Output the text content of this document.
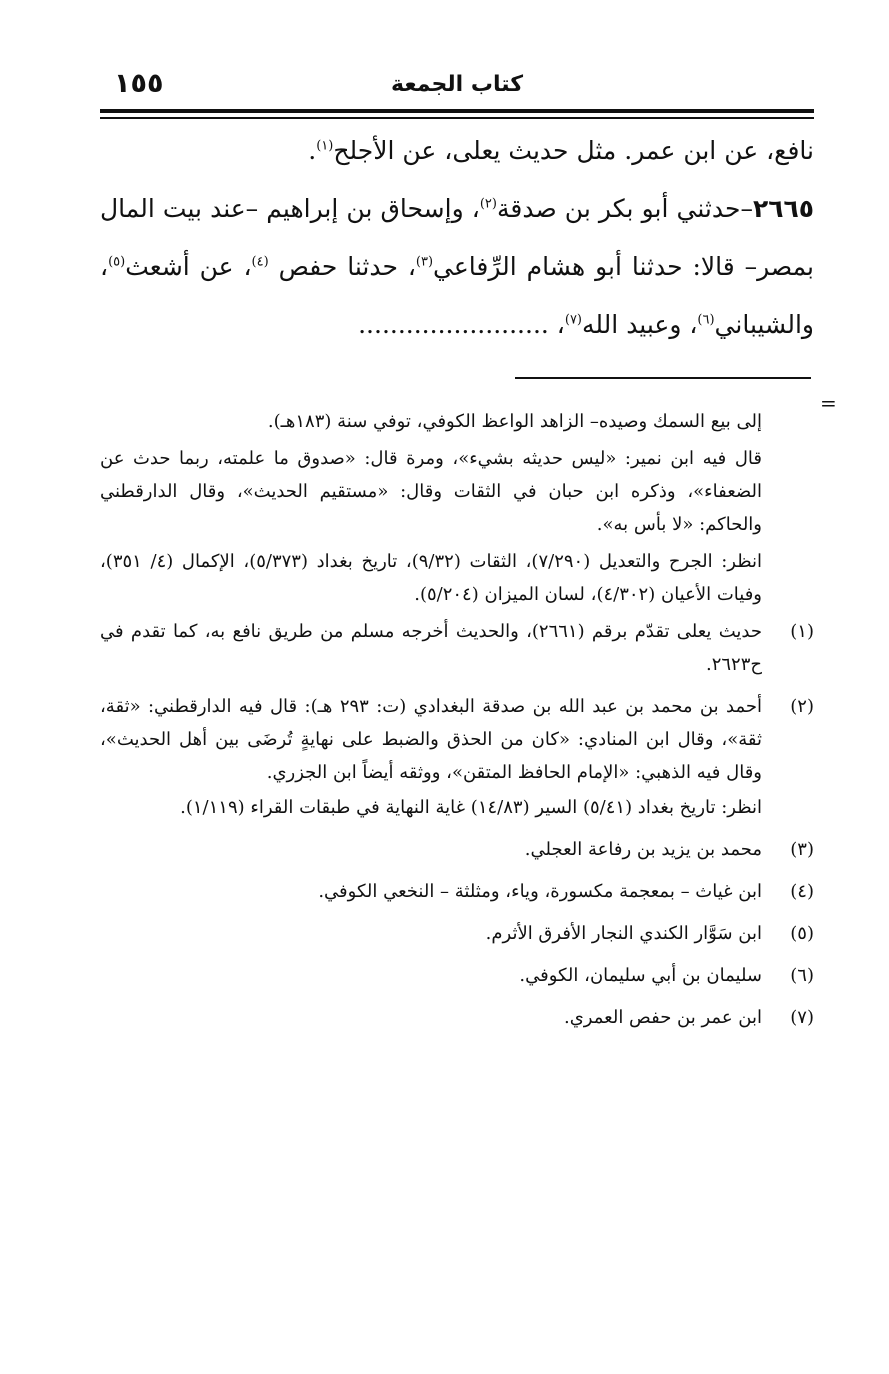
١٥٥	كتاب الجمعة

نافع، عن ابن عمر. مثل حديث يعلى، عن الأجلح$^{(١)}$.

٢٦٦٥–حدثني أبو بكر بن صدقة$^{(٢)}$، وإسحاق بن إبراهيم –عند بيت المال بمصر– قالا: حدثنا أبو هشام الرِّفاعي$^{(٣)}$، حدثنا حفص $^{(٤)}$، عن أشعث$^{(٥)}$، والشيباني$^{(٦)}$، وعبيد الله$^{(٧)}$، ........................

=

إلى بيع السمك وصيده– الزاهد الواعظ الكوفي، توفي سنة (١٨٣هـ).

قال فيه ابن نمير: «ليس حديثه بشيء»، ومرة قال: «صدوق ما علمته، ربما حدث عن الضعفاء»، وذكره ابن حبان في الثقات وقال: «مستقيم الحديث»، وقال الدارقطني والحاكم: «لا بأس به».

انظر: الجرح والتعديل (٧/٢٩٠)، الثقات (٩/٣٢)، تاريخ بغداد (٥/٣٧٣)، الإكمال (٤/ ٣٥١)، وفيات الأعيان (٤/٣٠٢)، لسان الميزان (٥/٢٠٤).

(١)

حديث يعلى تقدّم برقم (٢٦٦١)، والحديث أخرجه مسلم من طريق نافع به، كما تقدم في ح٢٦٢٣.

(٢)

أحمد بن محمد بن عبد الله بن صدقة البغدادي (ت: ٢٩٣ هـ): قال فيه الدارقطني: «ثقة، ثقة»، وقال ابن المنادي: «كان من الحذق والضبط على نهايةٍ تُرضَى بين أهل الحديث»، وقال فيه الذهبي: «الإمام الحافظ المتقن»، ووثقه أيضاً ابن الجزري.

انظر: تاريخ بغداد (٥/٤١) السير (١٤/٨٣) غاية النهاية في طبقات القراء (١/١١٩).

(٣)

محمد بن يزيد بن رفاعة العجلي.

(٤)

ابن غياث – بمعجمة مكسورة، وياء، ومثلثة – النخعي الكوفي.

(٥)

ابن سَوَّار الكندي النجار الأفرق الأثرم.

(٦)

سليمان بن أبي سليمان، الكوفي.

(٧)

ابن عمر بن حفص العمري.
